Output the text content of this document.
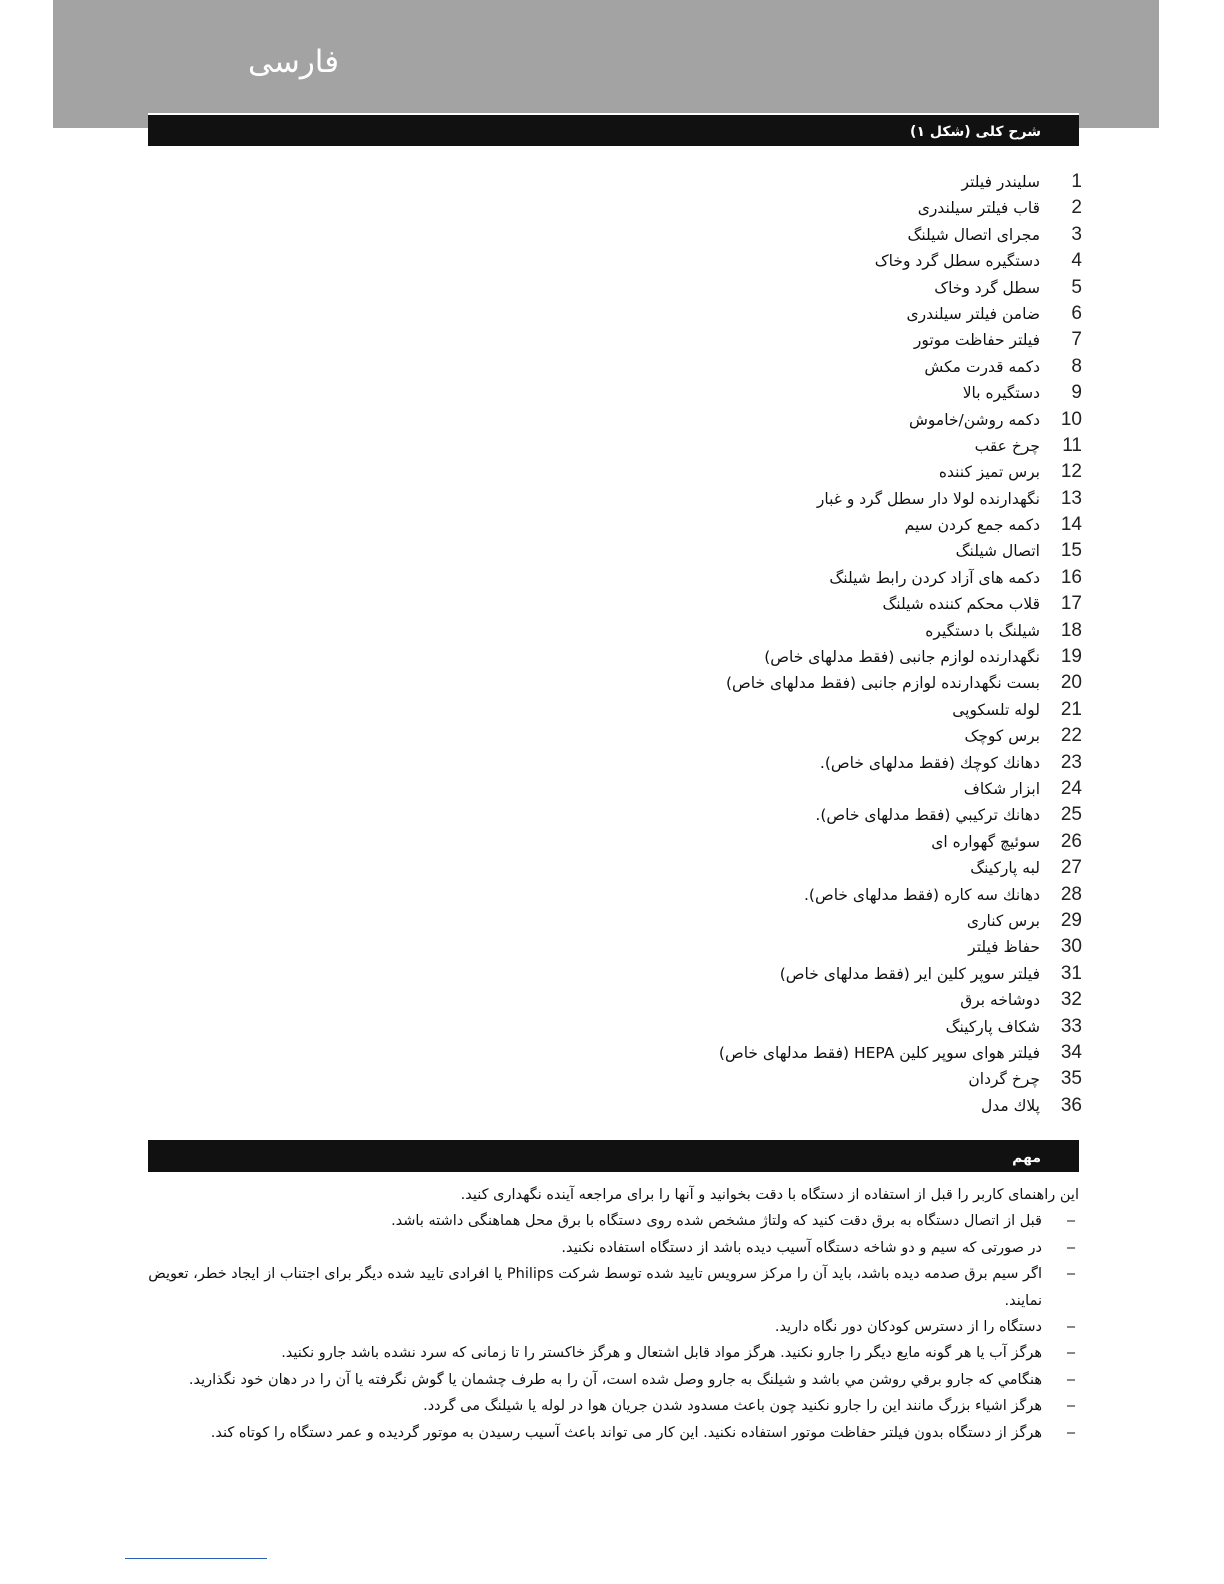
فارسی
شرح کلی (شکل ۱)
1
سلیندر فیلتر
2
قاب فیلتر سیلندری
3
مجرای اتصال شیلنگ
4
دستگیره سطل گرد وخاک
5
سطل گرد وخاک
6
ضامن فیلتر سیلندری
7
فیلتر حفاظت موتور
8
دکمه قدرت مکش
9
دستگیره بالا
10
دکمه روشن/خاموش
11
چرخ عقب
12
برس تمیز کننده
13
نگهدارنده لولا دار سطل گرد و غبار
14
دکمه جمع کردن سیم
15
اتصال شیلنگ
16
دکمه های آزاد کردن رابط شیلنگ
17
قلاب محکم کننده شیلنگ
18
شیلنگ با دستگیره
19
نگهدارنده لوازم جانبی (فقط مدلهای خاص)
20
بست نگهدارنده لوازم جانبی (فقط مدلهای خاص)
21
لوله تلسکوپی
22
برس کوچک
23
دهانك كوچك (فقط مدلهای خاص).
24
ابزار شکاف
25
دهانك تركيبي (فقط مدلهای خاص).
26
سوئیچ گهواره ای
27
لبه پارکینگ
28
دهانك سه کاره (فقط مدلهای خاص).
29
برس کناری
30
حفاظ فیلتر
31
فیلتر سوپر کلین ایر (فقط مدلهای خاص)
32
دوشاخه برق
33
شکاف پارکینگ
34
فیلتر هوای سوپر کلین HEPA (فقط مدلهای خاص)
35
چرخ گردان
36
پلاك مدل
مهم

این راهنمای کاربر را قبل از استفاده از دستگاه با دقت بخوانید و آنها را برای مراجعه آینده نگهداری کنید.

–
قبل از اتصال دستگاه به برق دقت کنید که ولتاژ مشخص شده روی دستگاه با برق محل هماهنگی داشته باشد.
–
در صورتی که سیم و دو شاخه دستگاه آسیب دیده باشد از دستگاه استفاده نکنید.
–
اگر سیم برق صدمه دیده باشد، باید آن را مرکز سرویس تایید شده توسط شرکت Philips یا افرادی تایید شده دیگر برای اجتناب از ایجاد خطر، تعویض نمایند.
–
دستگاه را از دسترس کودکان دور نگاه دارید.
–
هرگز آب یا هر گونه مایع دیگر را جارو نکنید. هرگز مواد قابل اشتعال و هرگز خاکستر را تا زمانی که سرد نشده باشد جارو نکنید.
–
هنگامي كه جارو برقي روشن مي باشد و شيلنگ به جارو وصل شده است، آن را به طرف چشمان یا گوش نگرفته یا آن را در دهان خود نگذارید.
–
هرگز اشیاء بزرگ مانند این را جارو نکنید چون باعث مسدود شدن جریان هوا در لوله یا شیلنگ می گردد.
–
هرگز از دستگاه بدون فیلتر حفاظت موتور استفاده نکنید. این کار می تواند باعث آسیب رسیدن به موتور گردیده و عمر دستگاه را کوتاه کند.
